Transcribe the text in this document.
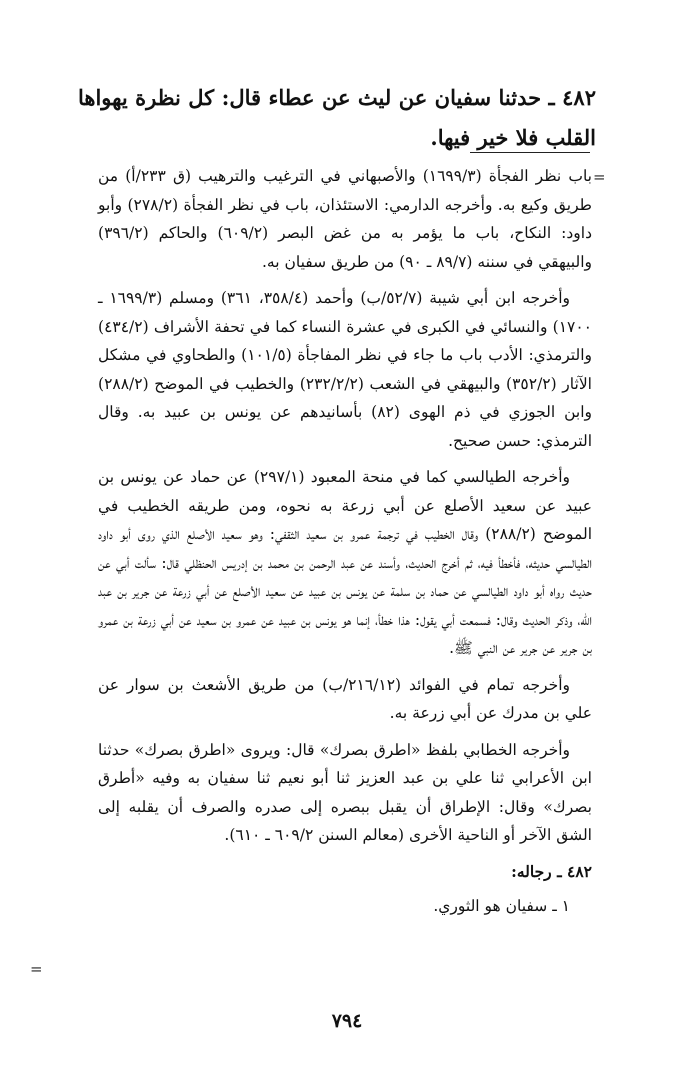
٤٨٢ ـ حدثنا سفيان عن ليث عن عطاء قال: كل نظرة يهواها القلب فلا خير فيها.
=

باب نظر الفجأة (١٦٩٩/٣) والأصبهاني في الترغيب والترهيب (ق ٢٣٣/أ) من طريق وكيع به. وأخرجه الدارمي: الاستئذان، باب في نظر الفجأة (٢٧٨/٢) وأبو داود: النكاح، باب ما يؤمر به من غض البصر (٦٠٩/٢) والحاكم (٣٩٦/٢) والبيهقي في سننه (٨٩/٧ ـ ٩٠) من طريق سفيان به.

وأخرجه ابن أبي شيبة (٥٢/٧/ب) وأحمد (٣٥٨/٤، ٣٦١) ومسلم (١٦٩٩/٣ ـ ١٧٠٠) والنسائي في الكبرى في عشرة النساء كما في تحفة الأشراف (٤٣٤/٢) والترمذي: الأدب باب ما جاء في نظر المفاجأة (١٠١/٥) والطحاوي في مشكل الآثار (٣٥٢/٢) والبيهقي في الشعب (٢٣٢/٢/٢) والخطيب في الموضح (٢٨٨/٢) وابن الجوزي في ذم الهوى (٨٢) بأسانيدهم عن يونس بن عبيد به. وقال الترمذي: حسن صحيح.

وأخرجه الطيالسي كما في منحة المعبود (٢٩٧/١) عن حماد عن يونس بن عبيد عن سعيد الأصلع عن أبي زرعة به نحوه، ومن طريقه الخطيب في الموضح (٢٨٨/٢) وقال الخطيب في ترجمة عمرو بن سعيد الثقفي: وهو سعيد الأصلع الذي روى أبو داود الطيالسي حديثه، فأخطأ فيه، ثم أخرج الحديث، وأسند عن عبد الرحمن بن محمد بن إدريس الحنظلي قال: سألت أبي عن حديث رواه أبو داود الطيالسي عن حماد بن سلمة عن يونس بن عبيد عن سعيد الأصلع عن أبي زرعة عن جرير بن عبد الله، وذكر الحديث وقال: فسمعت أبي يقول: هذا خطأ، إنما هو يونس بن عبيد عن عمرو بن سعيد عن أبي زرعة بن عمرو بن جرير عن جرير عن النبي ﷺ.

وأخرجه تمام في الفوائد (٢١٦/١٢/ب) من طريق الأشعث بن سوار عن علي بن مدرك عن أبي زرعة به.

وأخرجه الخطابي بلفظ «اطرق بصرك» قال: ويروى «اطرق بصرك» حدثنا ابن الأعرابي ثنا علي بن عبد العزيز ثنا أبو نعيم ثنا سفيان به وفيه «أطرق بصرك» وقال: الإطراق أن يقبل ببصره إلى صدره والصرف أن يقلبه إلى الشق الآخر أو الناحية الأخرى (معالم السنن ٦٠٩/٢ ـ ٦١٠).

٤٨٢ ـ رجاله:

١ ـ سفيان هو الثوري.

=
٧٩٤
